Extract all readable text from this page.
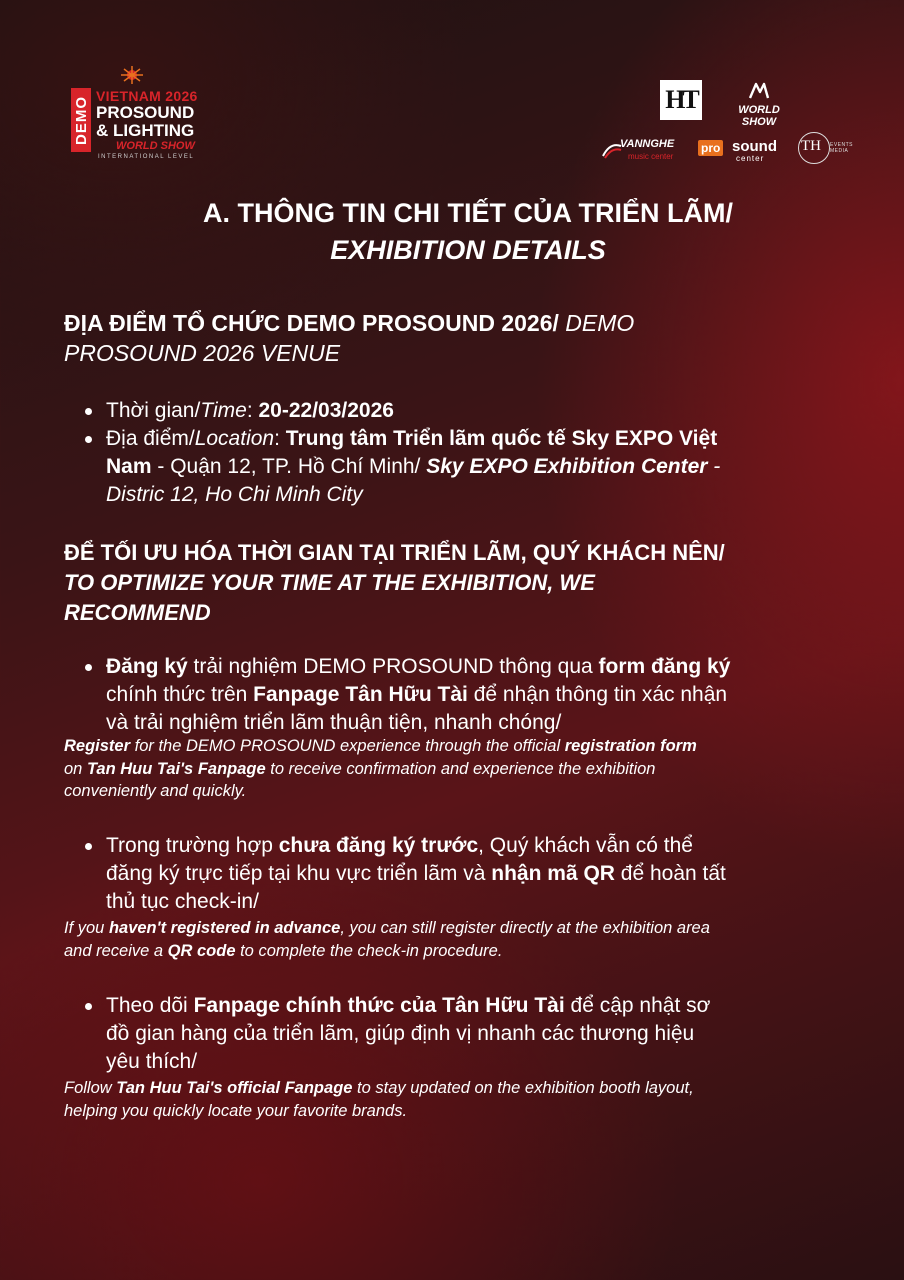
DEMO VIETNAM 2026
PROSOUND
& LIGHTING
WORLD SHOW
INTERNATIONAL LEVEL
HT	WORLD SHOW
VANNGHE
music center
pro sound
center
TH EVENTS
MEDIA
A. THÔNG TIN CHI TIẾT CỦA TRIỂN LÃM/
EXHIBITION DETAILS
ĐỊA ĐIỂM TỔ CHỨC DEMO PROSOUND 2026/ DEMO
PROSOUND 2026 VENUE
Thời gian/Time: 20-22/03/2026
Địa điểm/Location: Trung tâm Triển lãm quốc tế Sky EXPO Việt
Nam - Quận 12, TP. Hồ Chí Minh/ Sky EXPO Exhibition Center -
Distric 12, Ho Chi Minh City
ĐỂ TỐI ƯU HÓA THỜI GIAN TẠI TRIỂN LÃM, QUÝ KHÁCH NÊN/
TO OPTIMIZE YOUR TIME AT THE EXHIBITION, WE
RECOMMEND
Đăng ký trải nghiệm DEMO PROSOUND thông qua form đăng ký
chính thức trên Fanpage Tân Hữu Tài để nhận thông tin xác nhận
và trải nghiệm triển lãm thuận tiện, nhanh chóng/
Register for the DEMO PROSOUND experience through the official registration form
on Tan Huu Tai's Fanpage to receive confirmation and experience the exhibition
conveniently and quickly.
Trong trường hợp chưa đăng ký trước, Quý khách vẫn có thể
đăng ký trực tiếp tại khu vực triển lãm và nhận mã QR để hoàn tất
thủ tục check-in/
If you haven't registered in advance, you can still register directly at the exhibition area
and receive a QR code to complete the check-in procedure.
Theo dõi Fanpage chính thức của Tân Hữu Tài để cập nhật sơ
đồ gian hàng của triển lãm, giúp định vị nhanh các thương hiệu
yêu thích/
Follow Tan Huu Tai's official Fanpage to stay updated on the exhibition booth layout,
helping you quickly locate your favorite brands.
